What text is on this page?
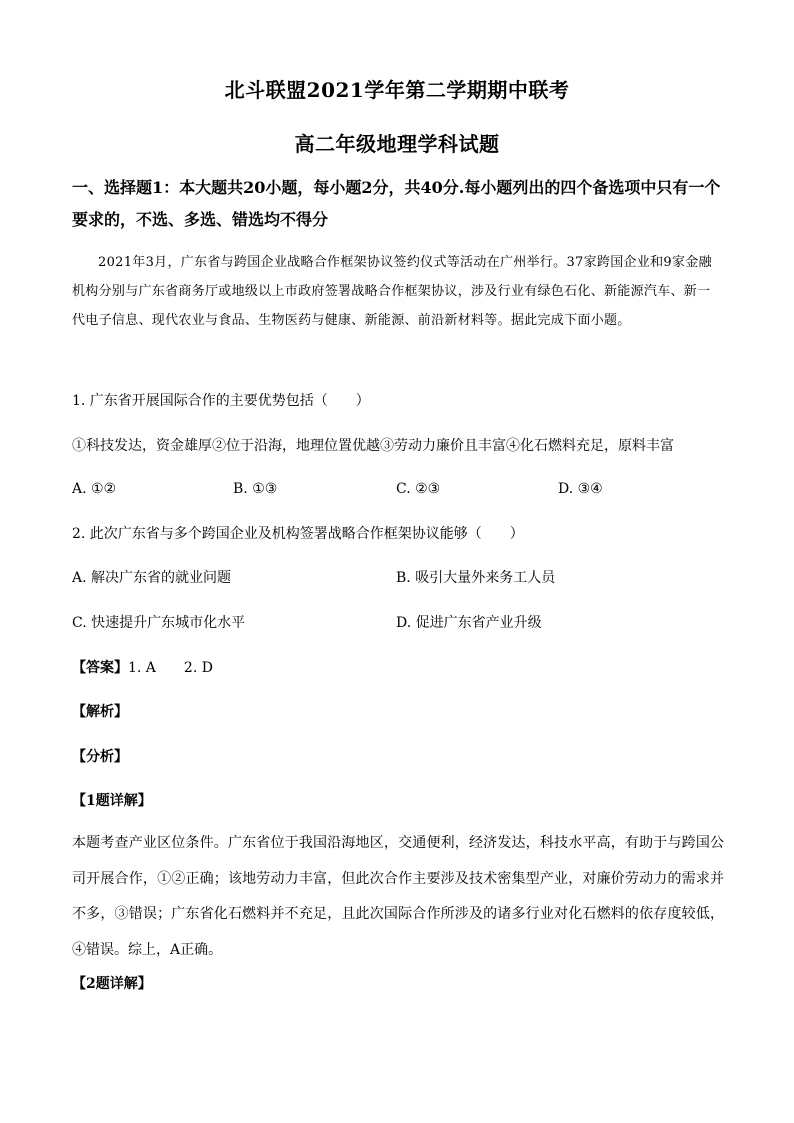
北斗联盟2021学年第二学期期中联考
高二年级地理学科试题
一、选择题1：本大题共20小题，每小题2分，共40分.每小题列出的四个备选项中只有一个要求的，不选、多选、错选均不得分
2021年3月，广东省与跨国企业战略合作框架协议签约仪式等活动在广州举行。37家跨国企业和9家金融机构分别与广东省商务厅或地级以上市政府签署战略合作框架协议，涉及行业有绿色石化、新能源汽车、新一代电子信息、现代农业与食品、生物医药与健康、新能源、前沿新材料等。据此完成下面小题。
1. 广东省开展国际合作的主要优势包括（　　）
①科技发达，资金雄厚②位于沿海，地理位置优越③劳动力廉价且丰富④化石燃料充足，原料丰富
A. ①②	B. ①③	C. ②③	D. ③④
2. 此次广东省与多个跨国企业及机构签署战略合作框架协议能够（　　）
A. 解决广东省的就业问题	B. 吸引大量外来务工人员
C. 快速提升广东城市化水平	D. 促进广东省产业升级
【答案】1. A　　2. D
【解析】
【分析】
【1题详解】
本题考查产业区位条件。广东省位于我国沿海地区，交通便利，经济发达，科技水平高，有助于与跨国公司开展合作，①②正确；该地劳动力丰富，但此次合作主要涉及技术密集型产业，对廉价劳动力的需求并不多，③错误；广东省化石燃料并不充足，且此次国际合作所涉及的诸多行业对化石燃料的依存度较低，④错误。综上，A正确。
【2题详解】
